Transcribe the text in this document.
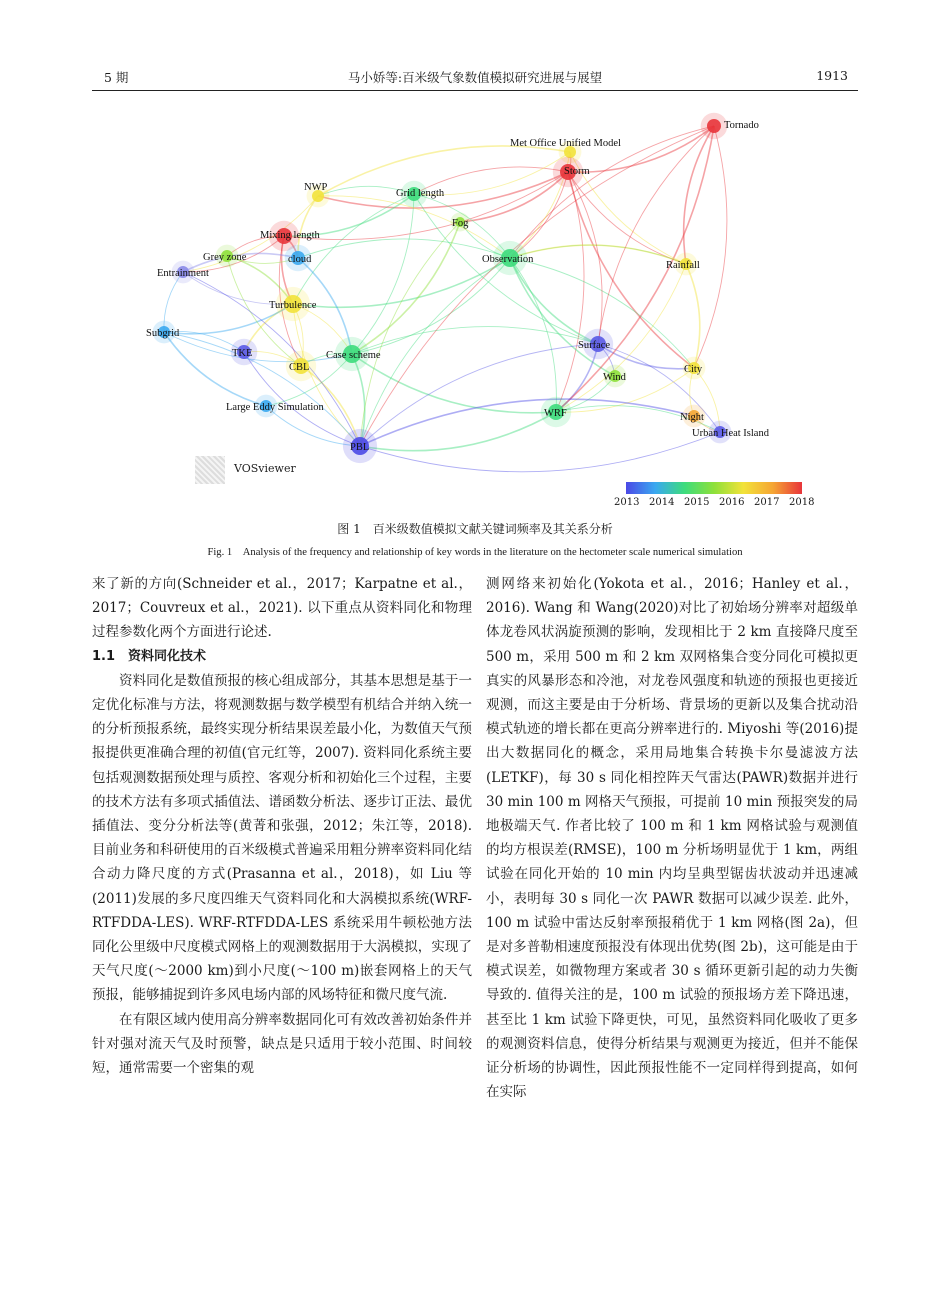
5 期	马小娇等:百米级气象数值模拟研究进展与展望	1913
Tornado
Met Office Unified Model
Storm
NWP
Grid length
Fog
Mixing length
Grey zone	cloud	Observation
Rainfall
Entrainment
Turbulence
Subgrid
Surface
TKE	Case scheme
CBL	City
Wind
Large Eddy Simulation
WRF	Night
Urban Heat Island
PBL
VOSviewer
2013 2014 2015 2016 2017 2018
图 1　百米级数值模拟文献关键词频率及其关系分析
Fig. 1　Analysis of the frequency and relationship of key words in the literature on the hectometer scale numerical simulation

来了新的方向(Schneider et al.，2017；Karpatne et al.，2017；Couvreux et al.，2021). 以下重点从资料同化和物理过程参数化两个方面进行论述.

1.1　资料同化技术

资料同化是数值预报的核心组成部分，其基本思想是基于一定优化标准与方法，将观测数据与数学模型有机结合并纳入统一的分析预报系统，最终实现分析结果误差最小化，为数值天气预报提供更准确合理的初值(官元红等，2007). 资料同化系统主要包括观测数据预处理与质控、客观分析和初始化三个过程，主要的技术方法有多项式插值法、谱函数分析法、逐步订正法、最优插值法、变分分析法等(黄菁和张强，2012；朱江等，2018). 目前业务和科研使用的百米级模式普遍采用粗分辨率资料同化结合动力降尺度的方式(Prasanna et al.，2018)，如 Liu 等(2011)发展的多尺度四维天气资料同化和大涡模拟系统(WRF-RTFDDA-LES). WRF-RTFDDA-LES 系统采用牛顿松弛方法同化公里级中尺度模式网格上的观测数据用于大涡模拟，实现了天气尺度(～2000 km)到小尺度(～100 m)嵌套网格上的天气预报，能够捕捉到许多风电场内部的风场特征和微尺度气流.

在有限区域内使用高分辨率数据同化可有效改善初始条件并针对强对流天气及时预警，缺点是只适用于较小范围、时间较短，通常需要一个密集的观

测网络来初始化(Yokota et al.，2016；Hanley et al.，2016). Wang 和 Wang(2020)对比了初始场分辨率对超级单体龙卷风状涡旋预测的影响，发现相比于 2 km 直接降尺度至 500 m，采用 500 m 和 2 km 双网格集合变分同化可模拟更真实的风暴形态和冷池，对龙卷风强度和轨迹的预报也更接近观测，而这主要是由于分析场、背景场的更新以及集合扰动沿模式轨迹的增长都在更高分辨率进行的. Miyoshi 等(2016)提出大数据同化的概念，采用局地集合转换卡尔曼滤波方法(LETKF)，每 30 s 同化相控阵天气雷达(PAWR)数据并进行 30 min 100 m 网格天气预报，可提前 10 min 预报突发的局地极端天气. 作者比较了 100 m 和 1 km 网格试验与观测值的均方根误差(RMSE)，100 m 分析场明显优于 1 km，两组试验在同化开始的 10 min 内均呈典型锯齿状波动并迅速减小，表明每 30 s 同化一次 PAWR 数据可以减少误差. 此外，100 m 试验中雷达反射率预报稍优于 1 km 网格(图 2a)，但是对多普勒相速度预报没有体现出优势(图 2b)，这可能是由于模式误差，如微物理方案或者 30 s 循环更新引起的动力失衡导致的. 值得关注的是，100 m 试验的预报场方差下降迅速，甚至比 1 km 试验下降更快，可见，虽然资料同化吸收了更多的观测资料信息，使得分析结果与观测更为接近，但并不能保证分析场的协调性，因此预报性能不一定同样得到提高，如何在实际
